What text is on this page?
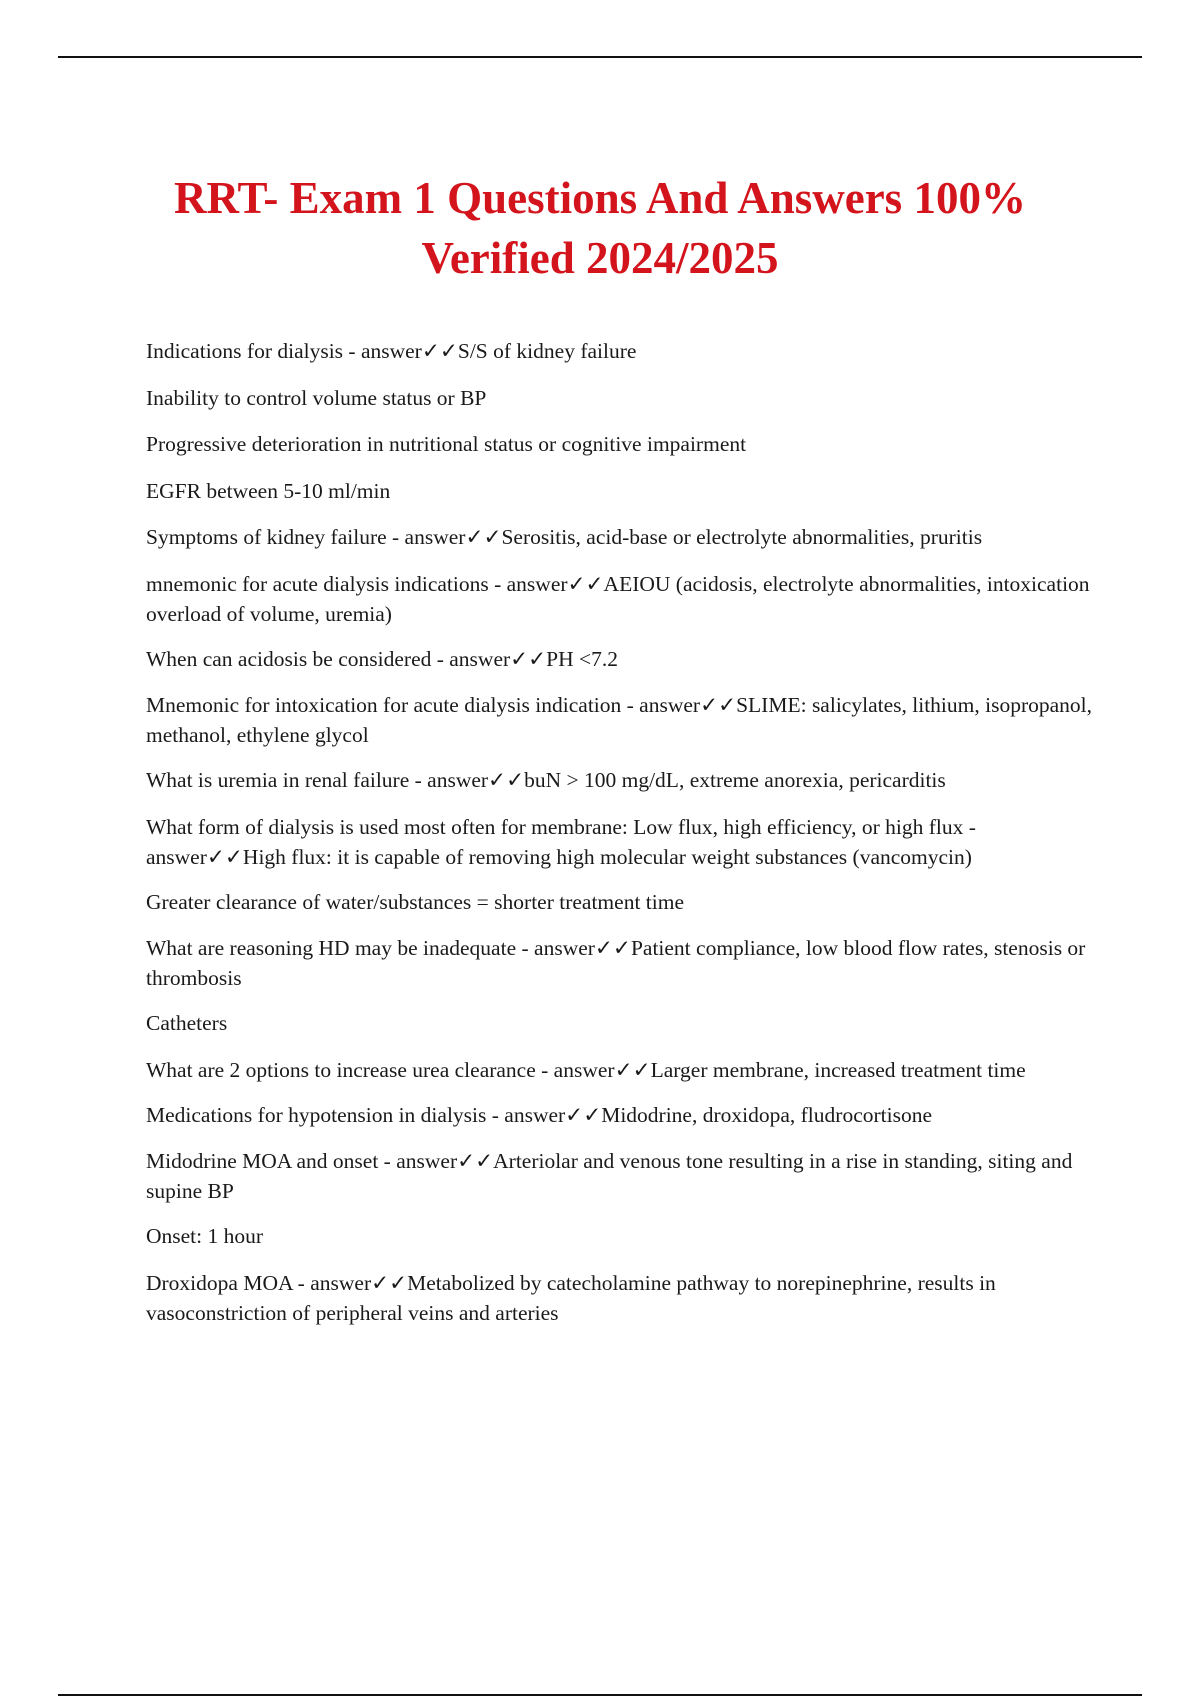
RRT- Exam 1 Questions And Answers 100%
Verified 2024/2025

Indications for dialysis - answer✓✓S/S of kidney failure

Inability to control volume status or BP

Progressive deterioration in nutritional status or cognitive impairment

EGFR between 5-10 ml/min

Symptoms of kidney failure - answer✓✓Serositis, acid-base or electrolyte abnormalities, pruritis

mnemonic for acute dialysis indications - answer✓✓AEIOU (acidosis, electrolyte abnormalities, intoxication overload of volume, uremia)

When can acidosis be considered - answer✓✓PH <7.2

Mnemonic for intoxication for acute dialysis indication - answer✓✓SLIME: salicylates, lithium, isopropanol, methanol, ethylene glycol

What is uremia in renal failure - answer✓✓buN > 100 mg/dL, extreme anorexia, pericarditis

What form of dialysis is used most often for membrane: Low flux, high efficiency, or high flux - answer✓✓High flux: it is capable of removing high molecular weight substances (vancomycin)

Greater clearance of water/substances = shorter treatment time

What are reasoning HD may be inadequate - answer✓✓Patient compliance, low blood flow rates, stenosis or thrombosis

Catheters

What are 2 options to increase urea clearance - answer✓✓Larger membrane, increased treatment time

Medications for hypotension in dialysis - answer✓✓Midodrine, droxidopa, fludrocortisone

Midodrine MOA and onset - answer✓✓Arteriolar and venous tone resulting in a rise in standing, siting and supine BP

Onset: 1 hour

Droxidopa MOA - answer✓✓Metabolized by catecholamine pathway to norepinephrine, results in vasoconstriction of peripheral veins and arteries
